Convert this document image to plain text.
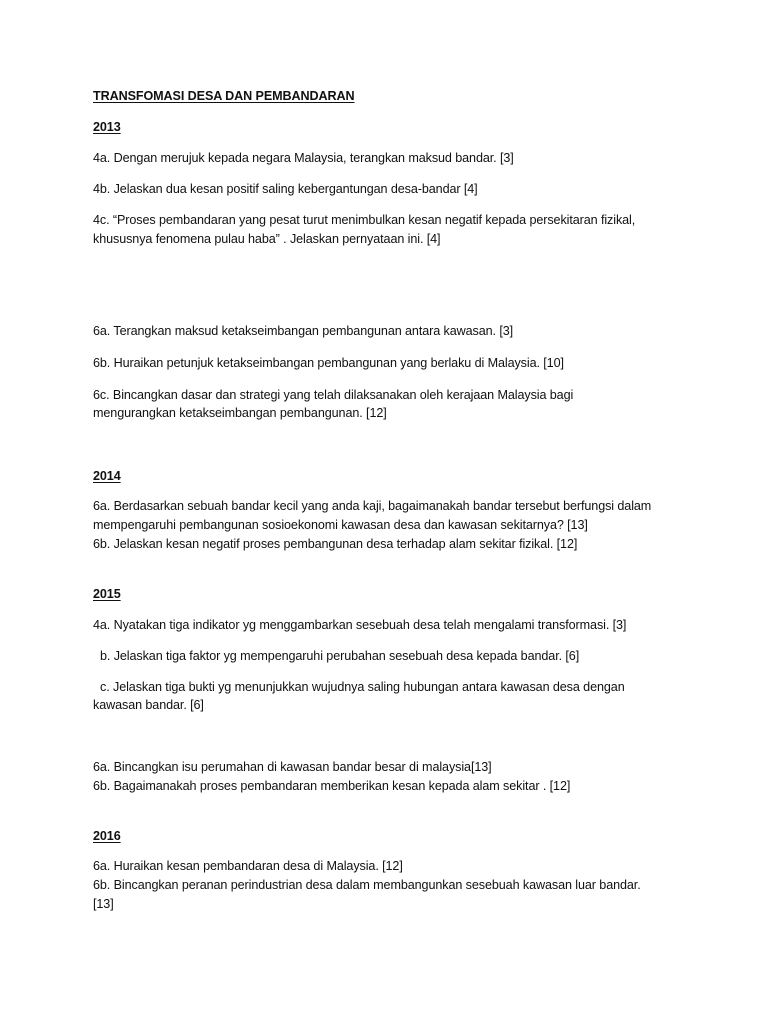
TRANSFOMASI DESA DAN PEMBANDARAN
2013
4a. Dengan merujuk kepada negara Malaysia, terangkan maksud bandar. [3]
4b. Jelaskan dua kesan positif saling kebergantungan desa-bandar [4]
4c. “Proses pembandaran yang pesat turut menimbulkan kesan negatif kepada persekitaran fizikal,
khususnya fenomena pulau haba” . Jelaskan pernyataan ini. [4]
6a. Terangkan maksud ketakseimbangan pembangunan antara kawasan. [3]
6b. Huraikan petunjuk ketakseimbangan pembangunan yang berlaku di Malaysia. [10]
6c. Bincangkan dasar dan strategi yang telah dilaksanakan oleh kerajaan Malaysia bagi
mengurangkan ketakseimbangan pembangunan. [12]
2014
6a. Berdasarkan sebuah bandar kecil yang anda kaji, bagaimanakah bandar tersebut berfungsi dalam
mempengaruhi pembangunan sosioekonomi kawasan desa dan kawasan sekitarnya? [13]
6b. Jelaskan kesan negatif proses pembangunan desa terhadap alam sekitar fizikal. [12]
2015
4a. Nyatakan tiga indikator yg menggambarkan sesebuah desa telah mengalami transformasi. [3]
b. Jelaskan tiga faktor yg mempengaruhi perubahan sesebuah desa kepada bandar. [6]
c. Jelaskan tiga bukti yg menunjukkan wujudnya saling hubungan antara kawasan desa dengan
kawasan bandar. [6]
6a. Bincangkan isu perumahan di kawasan bandar besar di malaysia[13]
6b. Bagaimanakah proses pembandaran memberikan kesan kepada alam sekitar . [12]
2016
6a. Huraikan kesan pembandaran desa di Malaysia. [12]
6b. Bincangkan peranan perindustrian desa dalam membangunkan sesebuah kawasan luar bandar.
[13]
